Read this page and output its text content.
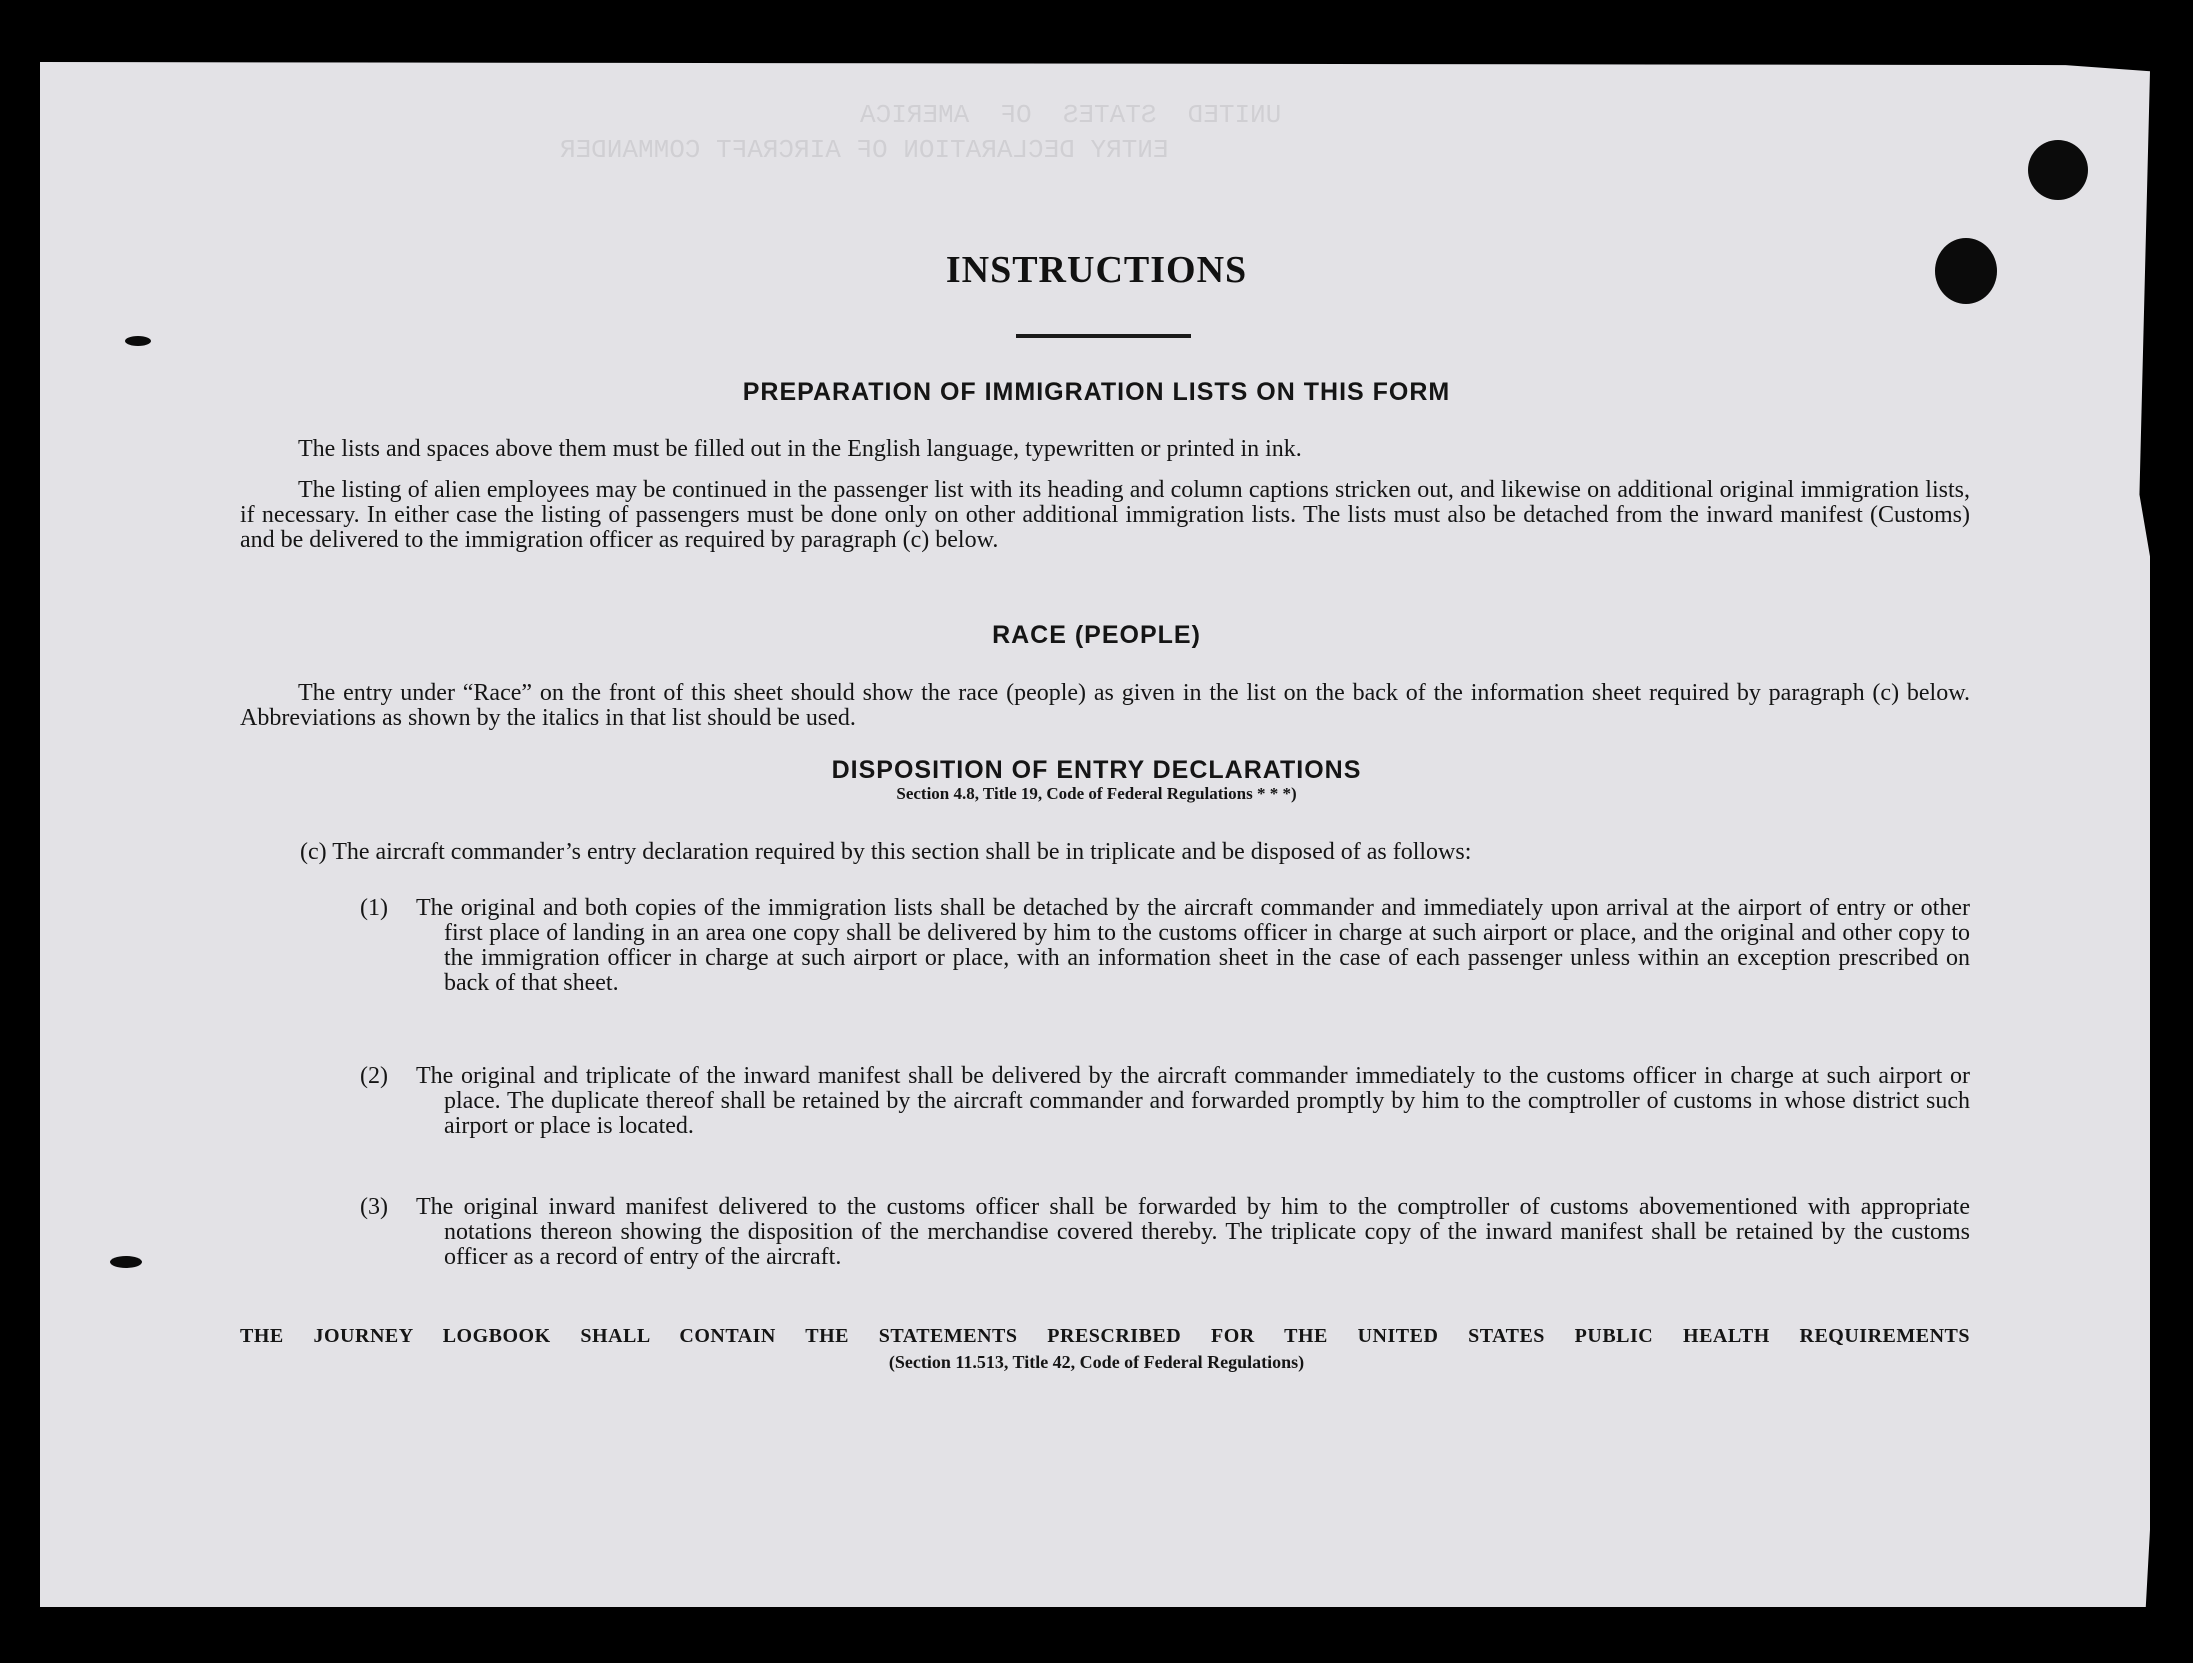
UNITED  STATES  OF  AMERICA
ENTRY DECLARATION OF AIRCRAFT COMMANDER
INSTRUCTIONS
PREPARATION OF IMMIGRATION LISTS ON THIS FORM
The lists and spaces above them must be filled out in the English language, typewritten or printed in ink.
The listing of alien employees may be continued in the passenger list with its heading and column captions stricken out, and likewise on additional original immigration lists, if necessary. In either case the listing of passengers must be done only on other additional immigration lists. The lists must also be detached from the inward manifest (Customs) and be delivered to the immigration officer as required by paragraph (c) below.
RACE (PEOPLE)
The entry under “Race” on the front of this sheet should show the race (people) as given in the list on the back of the information sheet required by paragraph (c) below. Abbreviations as shown by the italics in that list should be used.
DISPOSITION OF ENTRY DECLARATIONS
Section 4.8, Title 19, Code of Federal Regulations * * *)
(c) The aircraft commander’s entry declaration required by this section shall be in triplicate and be disposed of as follows:
(1)	The original and both copies of the immigration lists shall be detached by the aircraft commander and immediately upon arrival at the airport of entry or other first place of landing in an area one copy shall be delivered by him to the customs officer in charge at such airport or place, and the original and other copy to the immigration officer in charge at such airport or place, with an information sheet in the case of each passenger unless within an exception prescribed on back of that sheet.
(2)	The original and triplicate of the inward manifest shall be delivered by the aircraft commander immediately to the customs officer in charge at such airport or place. The duplicate thereof shall be retained by the aircraft commander and forwarded promptly by him to the comptroller of customs in whose district such airport or place is located.
(3)	The original inward manifest delivered to the customs officer shall be forwarded by him to the comptroller of customs abovementioned with appropriate notations thereon showing the disposition of the merchandise covered thereby. The triplicate copy of the inward manifest shall be retained by the customs officer as a record of entry of the aircraft.
THE JOURNEY LOGBOOK SHALL CONTAIN THE STATEMENTS PRESCRIBED FOR THE UNITED STATES PUBLIC HEALTH REQUIREMENTS
(Section 11.513, Title 42, Code of Federal Regulations)
